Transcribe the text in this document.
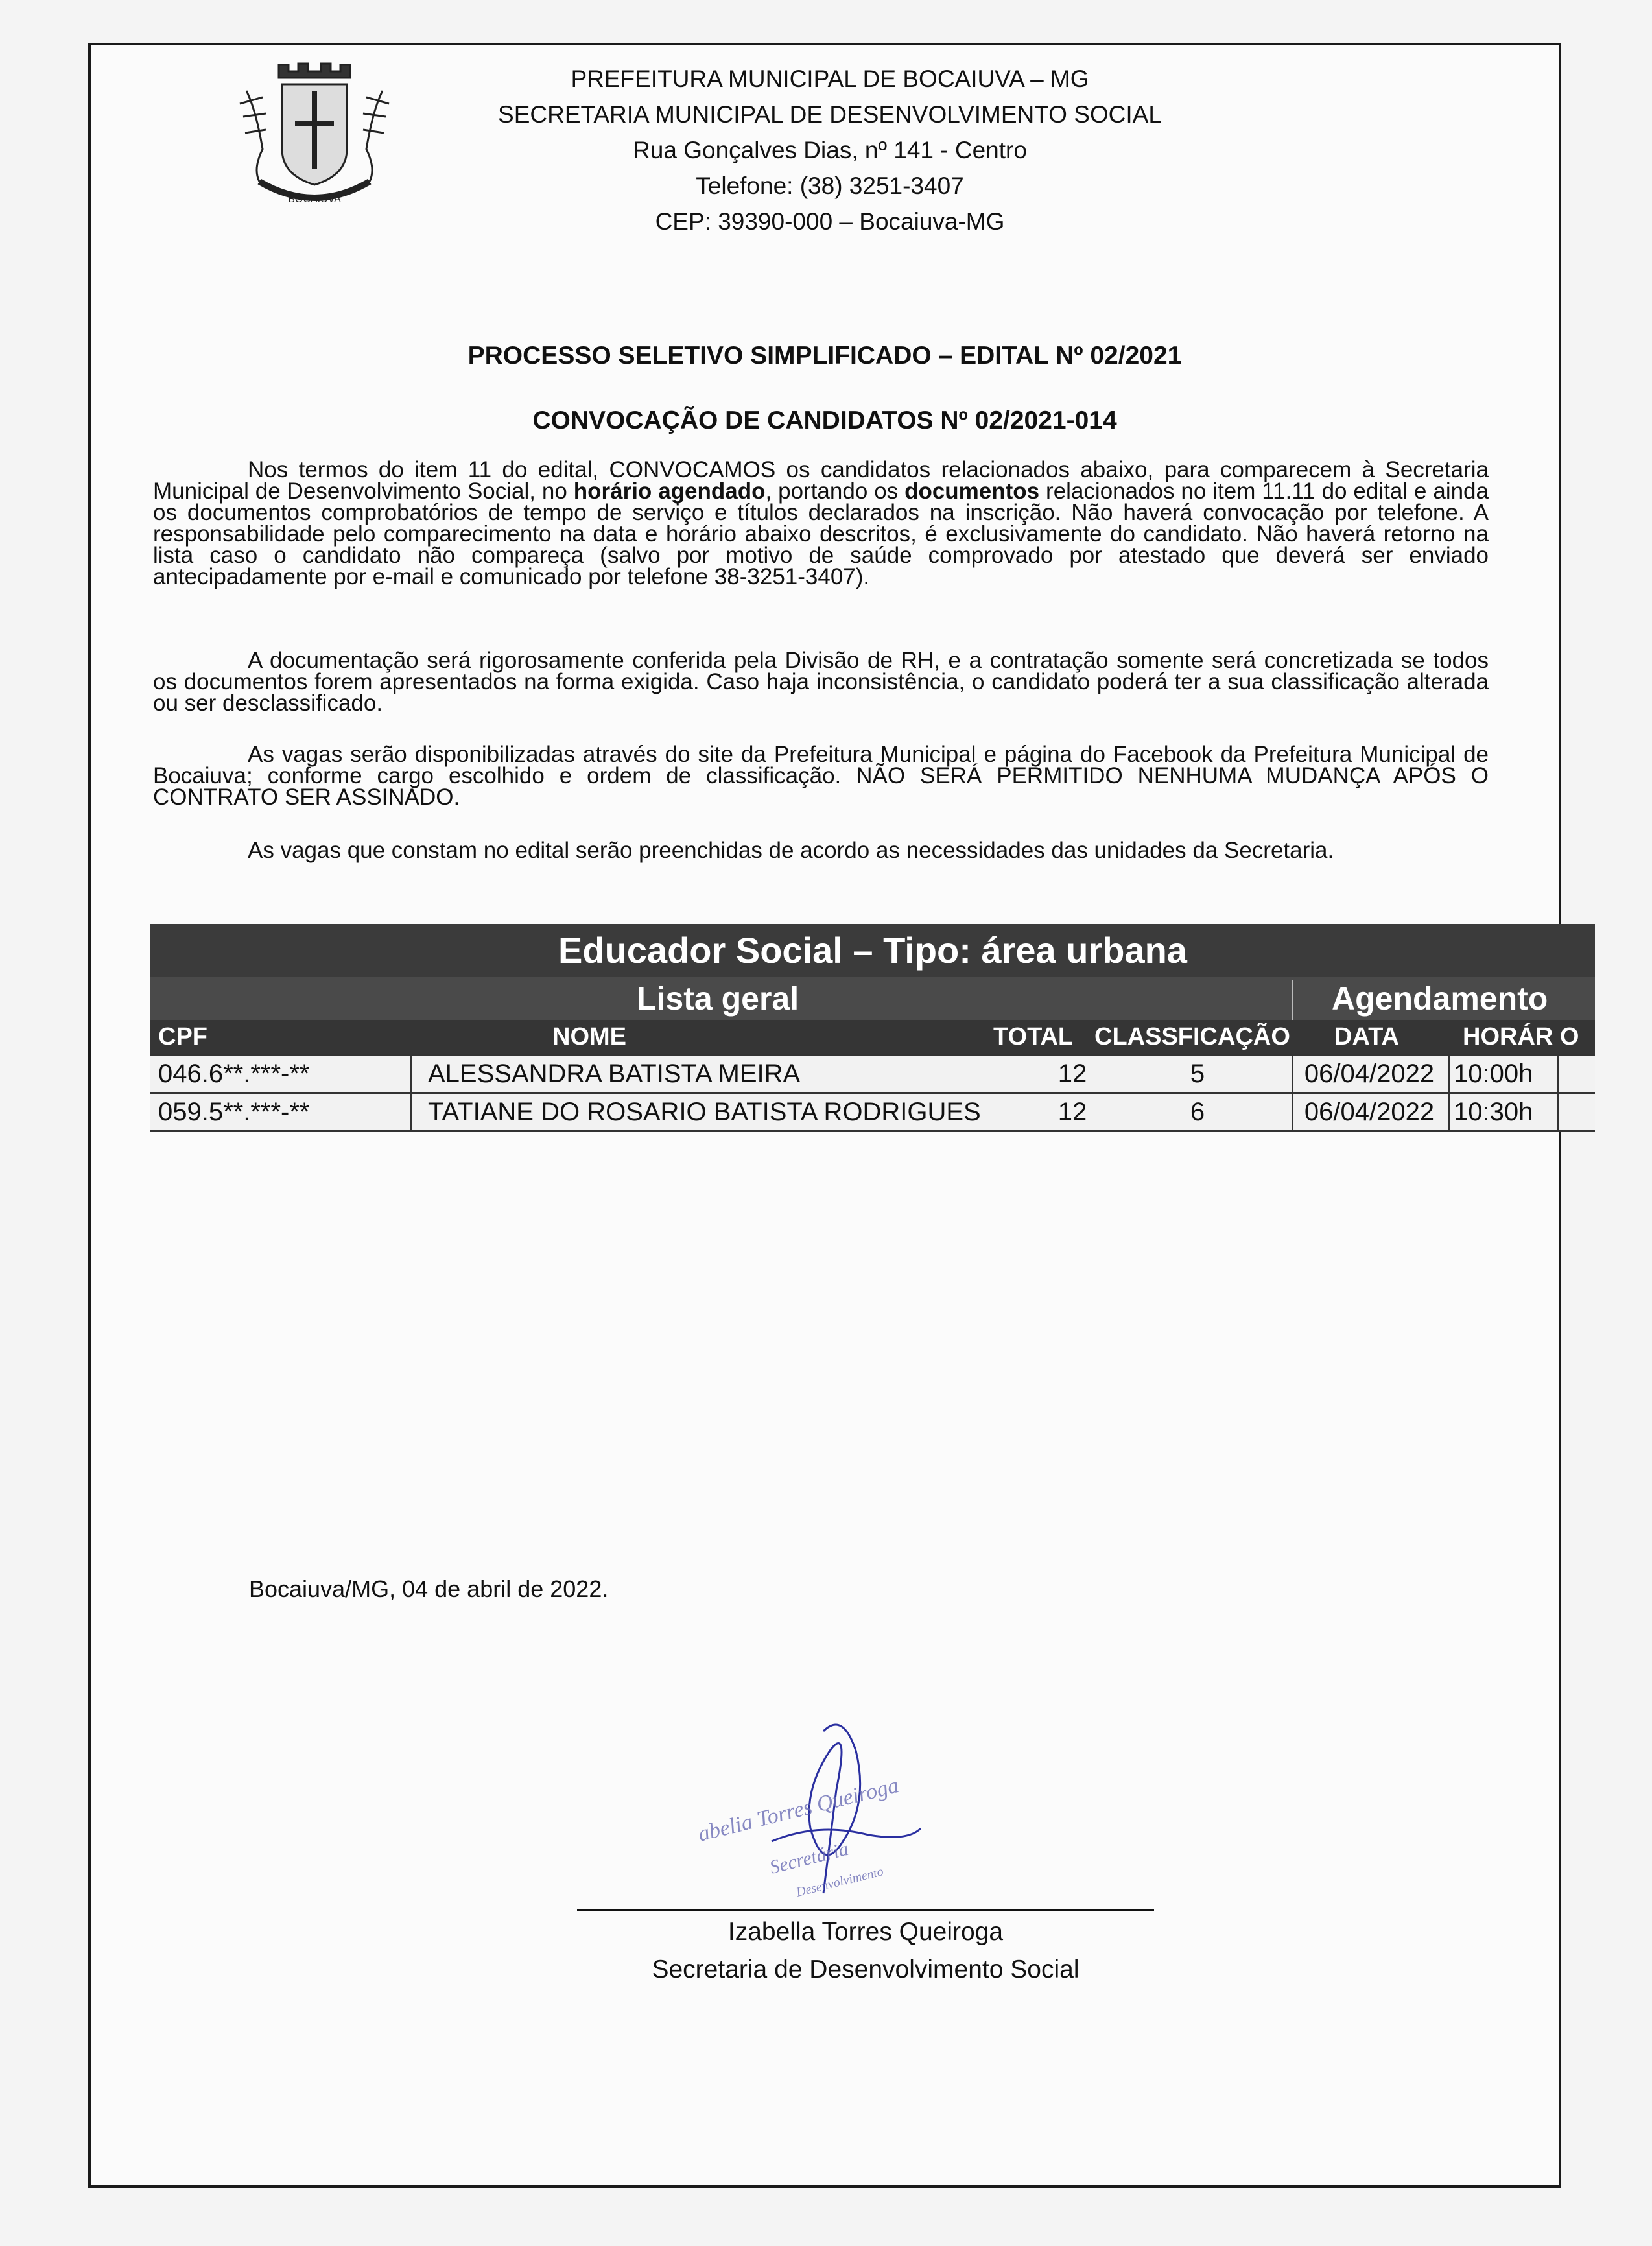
BOCAIUVA
PREFEITURA MUNICIPAL DE BOCAIUVA – MG
SECRETARIA MUNICIPAL DE DESENVOLVIMENTO SOCIAL
Rua Gonçalves Dias, nº 141 - Centro
Telefone: (38) 3251-3407
CEP: 39390-000 – Bocaiuva-MG
PROCESSO SELETIVO SIMPLIFICADO – EDITAL Nº 02/2021
CONVOCAÇÃO DE CANDIDATOS Nº 02/2021-014
Nos termos do item 11 do edital, CONVOCAMOS os candidatos relacionados abaixo, para comparecem à Secretaria Municipal de Desenvolvimento Social, no horário agendado, portando os documentos relacionados no item 11.11 do edital e ainda os documentos comprobatórios de tempo de serviço e títulos declarados na inscrição. Não haverá convocação por telefone. A responsabilidade pelo comparecimento na data e horário abaixo descritos, é exclusivamente do candidato. Não haverá retorno na lista caso o candidato não compareça (salvo por motivo de saúde comprovado por atestado que deverá ser enviado antecipadamente por e-mail e comunicado por telefone 38-3251-3407).
A documentação será rigorosamente conferida pela Divisão de RH, e a contratação somente será concretizada se todos os documentos forem apresentados na forma exigida. Caso haja inconsistência, o candidato poderá ter a sua classificação alterada ou ser desclassificado.
As vagas serão disponibilizadas através do site da Prefeitura Municipal e página do Facebook da Prefeitura Municipal de Bocaiuva; conforme cargo escolhido e ordem de classificação. NÃO SERÁ PERMITIDO NENHUMA MUDANÇA APÓS O CONTRATO SER ASSINADO.
As vagas que constam no edital serão preenchidas de acordo as necessidades das unidades da Secretaria.
Educador Social – Tipo: área urbana
Lista geral	Agendamento
CPF	NOME	TOTAL CLASSFICAÇÃO DATA	HORÁR O
046.6**.***-**	ALESSANDRA BATISTA MEIRA	12	5	06/04/2022 10:00h
059.5**.***-**	TATIANE DO ROSARIO BATISTA RODRIGUES	12	6	06/04/2022 10:30h
Bocaiuva/MG, 04 de abril de 2022.
abelia Torres Queiroga
Secretária
Desenvolvimento
Izabella Torres Queiroga
Secretaria de Desenvolvimento Social
